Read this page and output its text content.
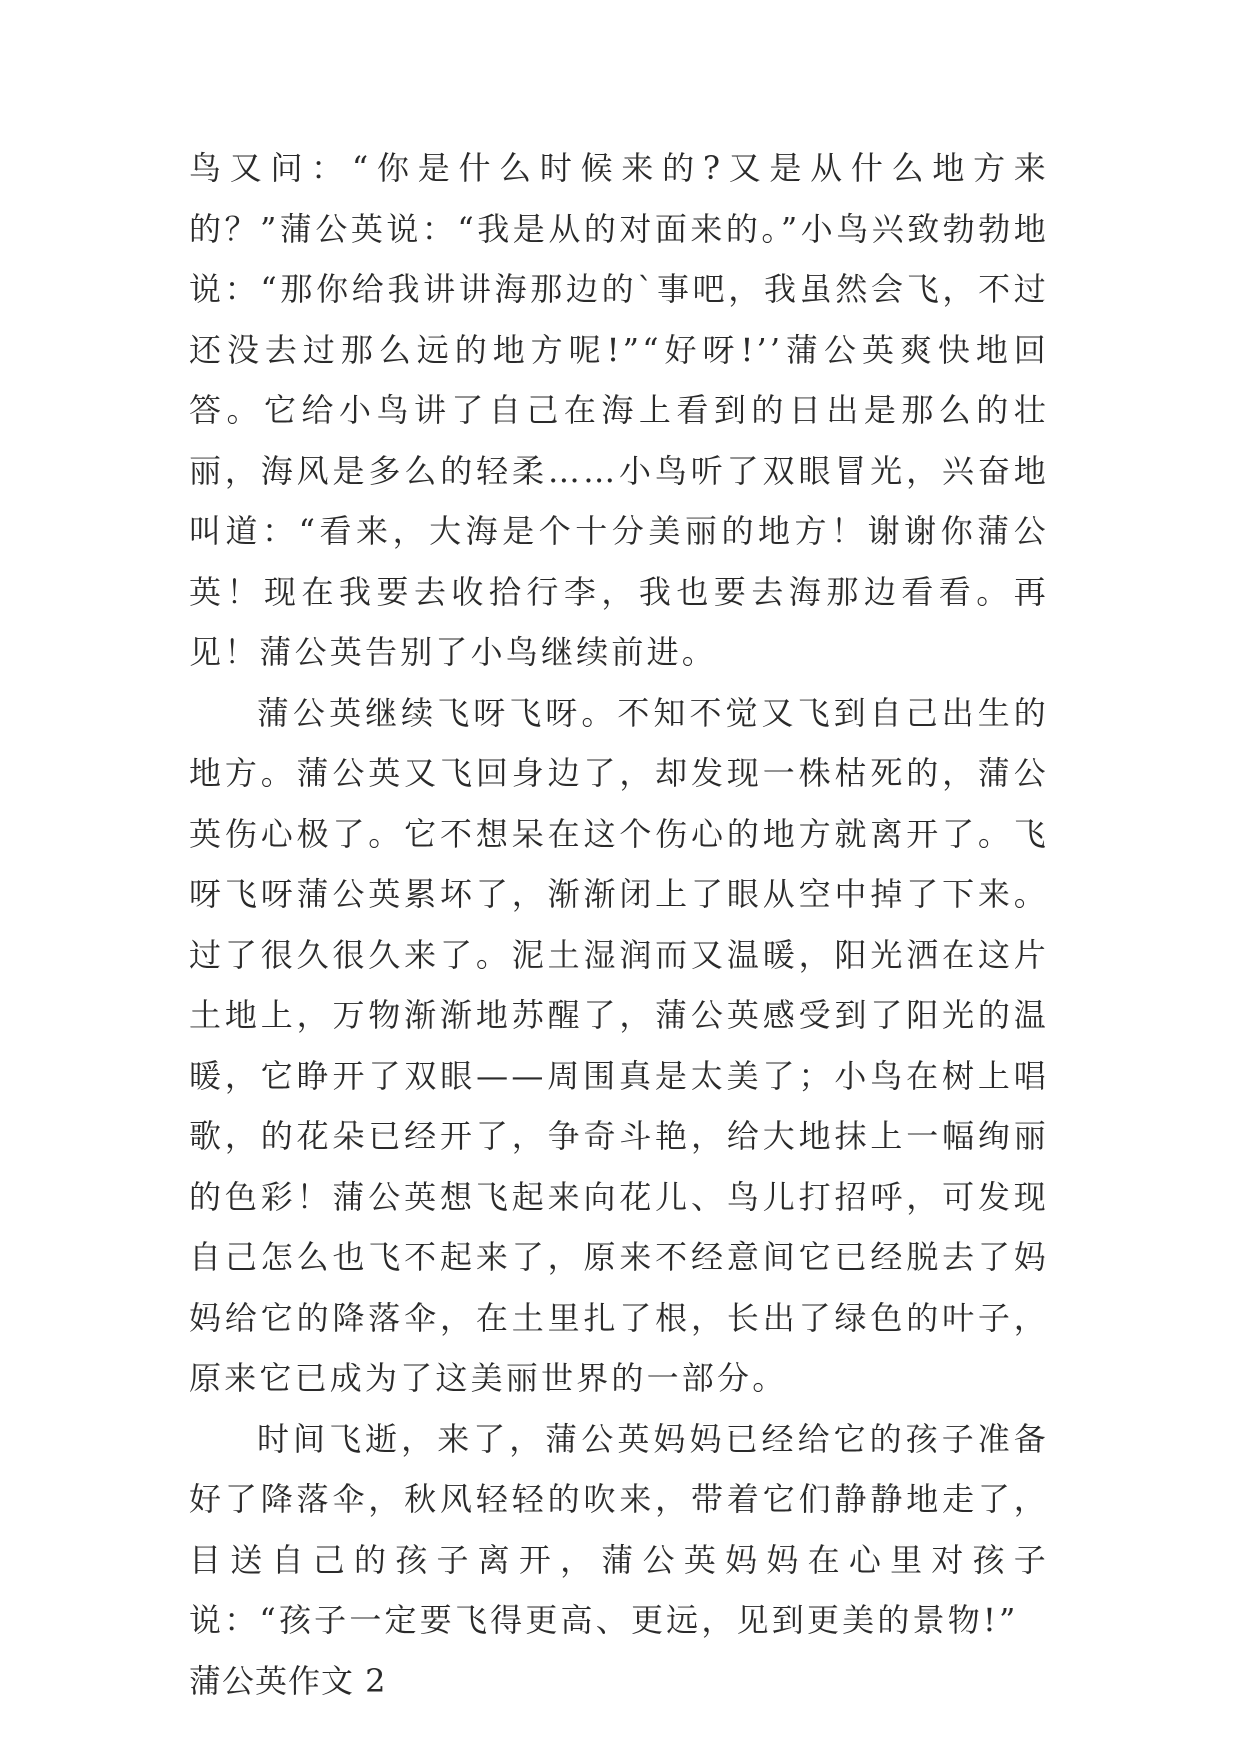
鸟又问：“你是什么时候来的?又是从什么地方来的？”蒲公英说：“我是从的对面来的。”小鸟兴致勃勃地说：“那你给我讲讲海那边的`事吧，我虽然会飞，不过还没去过那么远的地方呢!”“好呀!’’蒲公英爽快地回答。它给小鸟讲了自己在海上看到的日出是那么的壮丽，海风是多么的轻柔……小鸟听了双眼冒光，兴奋地叫道：“看来，大海是个十分美丽的地方！谢谢你蒲公英！现在我要去收拾行李，我也要去海那边看看。再见！蒲公英告别了小鸟继续前进。

蒲公英继续飞呀飞呀。不知不觉又飞到自己出生的地方。蒲公英又飞回身边了，却发现一株枯死的，蒲公英伤心极了。它不想呆在这个伤心的地方就离开了。飞呀飞呀蒲公英累坏了，渐渐闭上了眼从空中掉了下来。过了很久很久来了。泥土湿润而又温暖，阳光洒在这片土地上，万物渐渐地苏醒了，蒲公英感受到了阳光的温暖，它睁开了双眼——周围真是太美了；小鸟在树上唱歌，的花朵已经开了，争奇斗艳，给大地抹上一幅绚丽的色彩！蒲公英想飞起来向花儿、鸟儿打招呼，可发现自己怎么也飞不起来了，原来不经意间它已经脱去了妈妈给它的降落伞，在土里扎了根，长出了绿色的叶子，原来它已成为了这美丽世界的一部分。

时间飞逝，来了，蒲公英妈妈已经给它的孩子准备好了降落伞，秋风轻轻的吹来，带着它们静静地走了，目送自己的孩子离开，蒲公英妈妈在心里对孩子说：“孩子一定要飞得更高、更远，见到更美的景物!”

蒲公英作文 2
